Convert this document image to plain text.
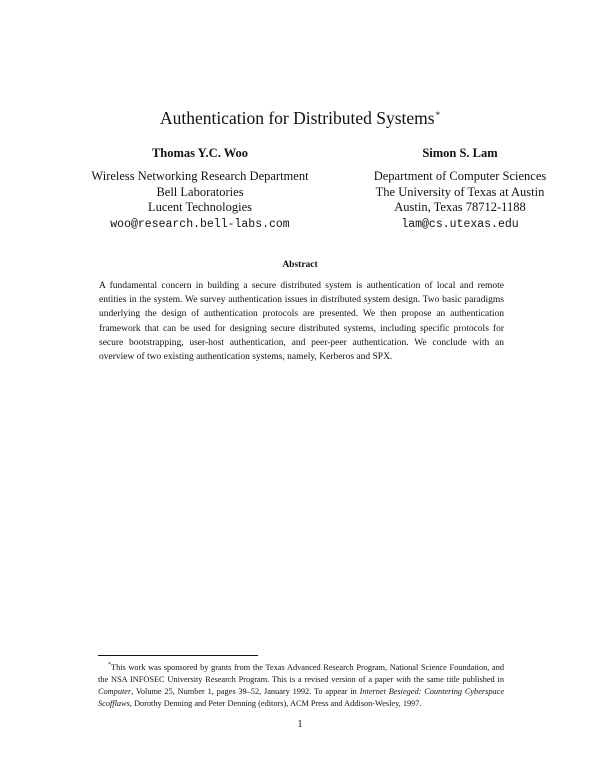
Authentication for Distributed Systems*
Thomas Y.C. Woo
Wireless Networking Research Department
Bell Laboratories
Lucent Technologies
woo@research.bell-labs.com
Simon S. Lam
Department of Computer Sciences
The University of Texas at Austin
Austin, Texas 78712-1188
lam@cs.utexas.edu
Abstract
A fundamental concern in building a secure distributed system is authentication of local and remote entities in the system. We survey authentication issues in distributed system design. Two basic paradigms underlying the design of authentication protocols are presented. We then propose an authentication framework that can be used for designing secure distributed systems, including specific protocols for secure bootstrapping, user-host authentication, and peer-peer authentication. We conclude with an overview of two existing authentication systems, namely, Kerberos and SPX.
*This work was sponsored by grants from the Texas Advanced Research Program, National Science Foundation, and the NSA INFOSEC University Research Program. This is a revised version of a paper with the same title published in Computer, Volume 25, Number 1, pages 39–52, January 1992. To appear in Internet Besieged: Countering Cyberspace Scofflaws, Dorothy Denning and Peter Denning (editors), ACM Press and Addison-Wesley, 1997.
1
